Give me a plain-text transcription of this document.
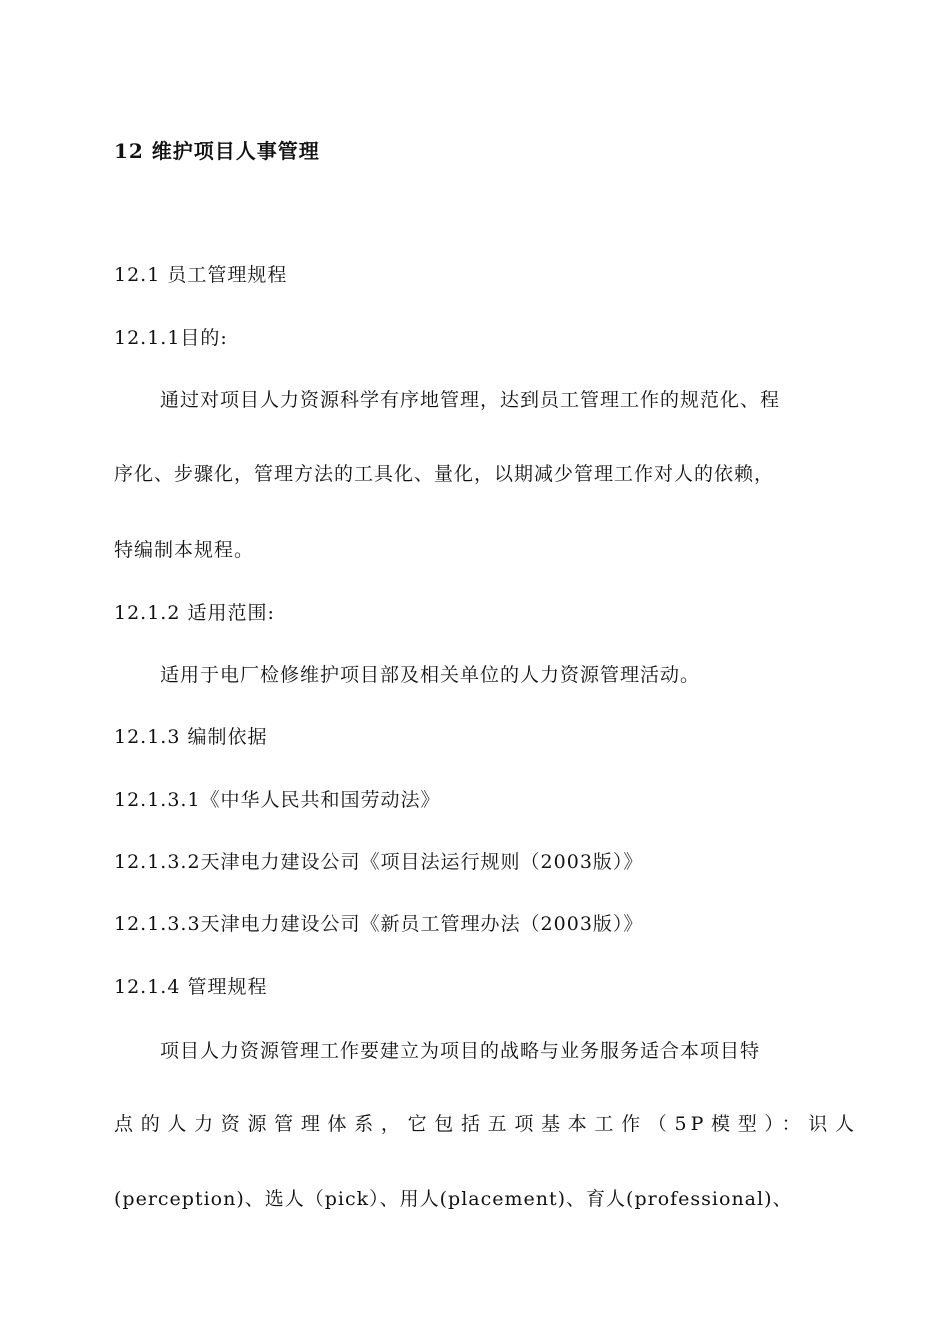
12 维护项目人事管理
12.1 员工管理规程
12.1.1目的:
通过对项目人力资源科学有序地管理，达到员工管理工作的规范化、程
序化、步骤化，管理方法的工具化、量化，以期减少管理工作对人的依赖，
特编制本规程。
12.1.2 适用范围:
适用于电厂检修维护项目部及相关单位的人力资源管理活动。
12.1.3 编制依据
12.1.3.1《中华人民共和国劳动法》
12.1.3.2天津电力建设公司《项目法运行规则（2003版）》
12.1.3.3天津电力建设公司《新员工管理办法（2003版）》
12.1.4 管理规程
项目人力资源管理工作要建立为项目的战略与业务服务适合本项目特
点的人力资源管理体系，它包括五项基本工作（5P模型）：识人
(perception)、选人（pick）、用人(placement)、育人(professional)、
